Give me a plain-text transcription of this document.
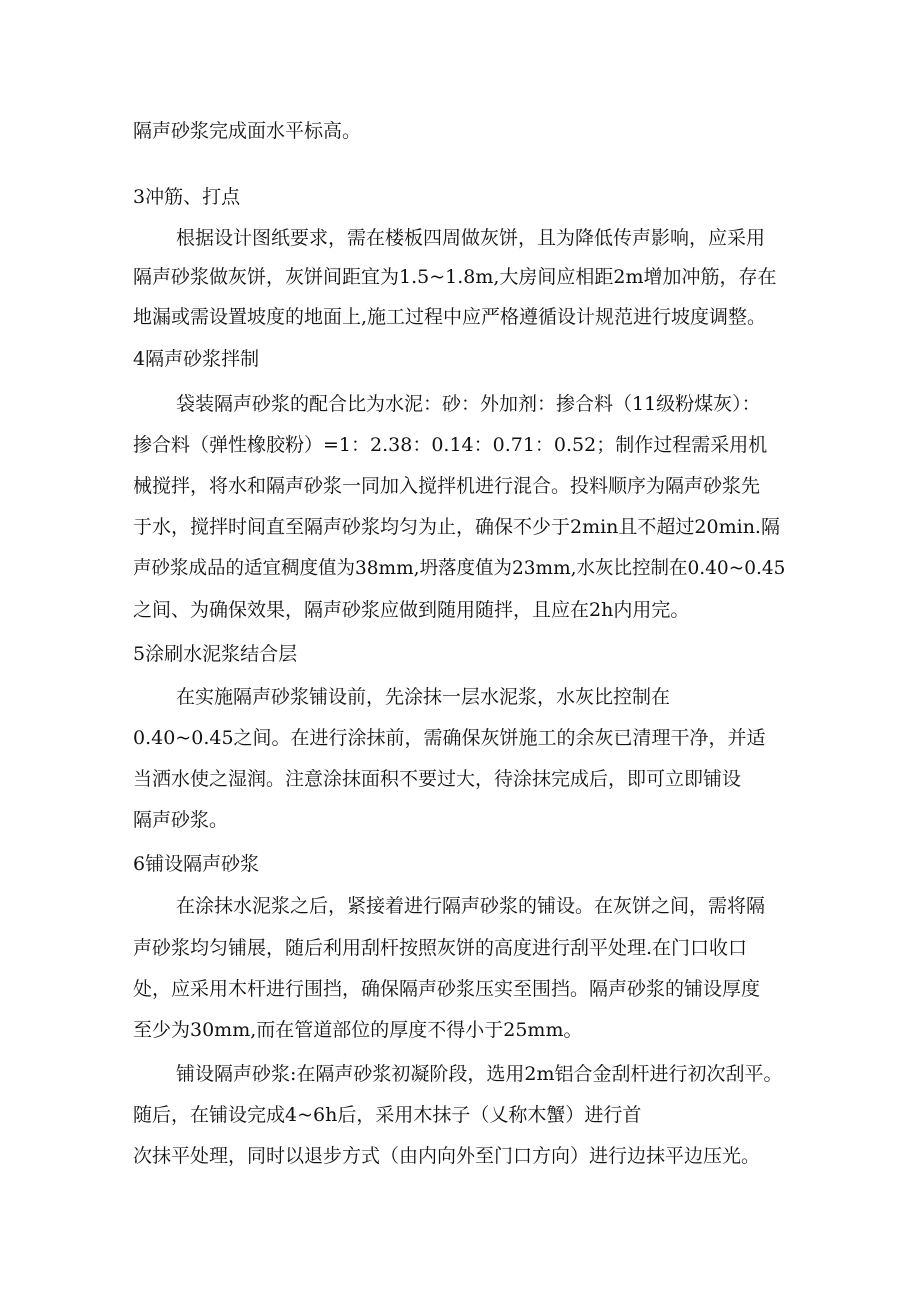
隔声砂浆完成面水平标高。
3冲筋、打点
根据设计图纸要求，需在楼板四周做灰饼，且为降低传声影响，应采用
隔声砂浆做灰饼，灰饼间距宜为1.5~1.8m,大房间应相距2m增加冲筋，存在
地漏或需设置坡度的地面上,施工过程中应严格遵循设计规范进行坡度调整。
4隔声砂浆拌制
袋装隔声砂浆的配合比为水泥：砂：外加剂：掺合料（11级粉煤灰）：
掺合料（弹性橡胶粉）=1：2.38：0.14：0.71：0.52；制作过程需采用机
械搅拌，将水和隔声砂浆一同加入搅拌机进行混合。投料顺序为隔声砂浆先
于水，搅拌时间直至隔声砂浆均匀为止，确保不少于2min且不超过20min.隔
声砂浆成品的适宜稠度值为38mm,坍落度值为23mm,水灰比控制在0.40~0.45
之间、为确保效果，隔声砂浆应做到随用随拌，且应在2h内用完。
5涂刷水泥浆结合层
在实施隔声砂浆铺设前，先涂抹一层水泥浆，水灰比控制在
0.40~0.45之间。在进行涂抹前，需确保灰饼施工的余灰已清理干净，并适
当洒水使之湿润。注意涂抹面积不要过大，待涂抹完成后，即可立即铺设
隔声砂浆。
6铺设隔声砂浆
在涂抹水泥浆之后，紧接着进行隔声砂浆的铺设。在灰饼之间，需将隔
声砂浆均匀铺展，随后利用刮杆按照灰饼的高度进行刮平处理.在门口收口
处，应采用木杆进行围挡，确保隔声砂浆压实至围挡。隔声砂浆的铺设厚度
至少为30mm,而在管道部位的厚度不得小于25mm。
铺设隔声砂浆:在隔声砂浆初凝阶段，选用2m铝合金刮杆进行初次刮平。
随后，在铺设完成4~6h后，采用木抹子（乂称木蟹）进行首
次抹平处理，同时以退步方式（由内向外至门口方向）进行边抹平边压光。
